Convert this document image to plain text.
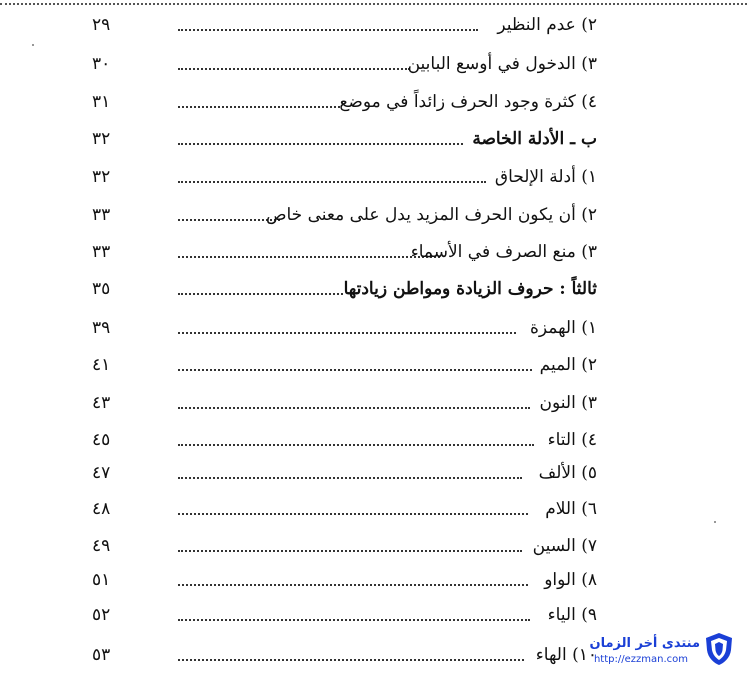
٢٩	٢) عدم النظير
٣٠	٣) الدخول في أوسع البابين
٣١	٤) كثرة وجود الحرف زائداً في موضع
٣٢	ب ـ الأدلة الخاصة
٣٢	١) أدلة الإلحاق
٣٣	٢) أن يكون الحرف المزيد يدل على معنى خاص
٣٣	٣) منع الصرف في الأسماء
٣٥	ثالثاً : حروف الزيادة ومواطن زيادتها
٣٩	١) الهمزة
٤١	٢) الميم
٤٣	٣) النون
٤٥	٤) التاء
٤٧	٥) الألف
٤٨	٦) اللام
٤٩	٧) السين
٥١	٨) الواو
٥٢	٩) الياء
٥٣	١٠) الهاء
منتدى أخر الزمان
http://ezzman.com
